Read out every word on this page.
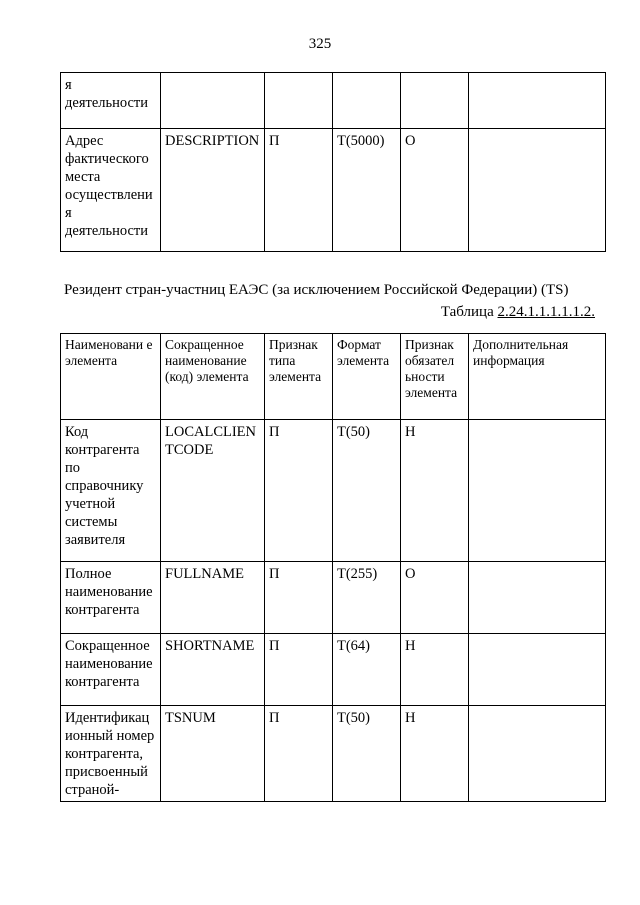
325
я деятельности					
Адрес фактического места осуществлени я деятельности	DESCRIPTION	П	T(5000)	О	
Резидент стран-участниц ЕАЭС (за исключением Российской Федерации) (TS)
Таблица 2.24.1.1.1.1.1.2.
Наименовани е элемента	Сокращенное наименование (код) элемента	Признак типа элемента	Формат элемента	Признак обязател ьности элемента	Дополнительная информация
Код контрагента по справочнику учетной системы заявителя	LOCALCLIEN TCODE	П	T(50)	Н	
Полное наименование контрагента	FULLNAME	П	T(255)	О	
Сокращенное наименование контрагента	SHORTNAME	П	T(64)	Н	
Идентификац ионный номер контрагента, присвоенный страной-	TSNUM	П	T(50)	Н	
